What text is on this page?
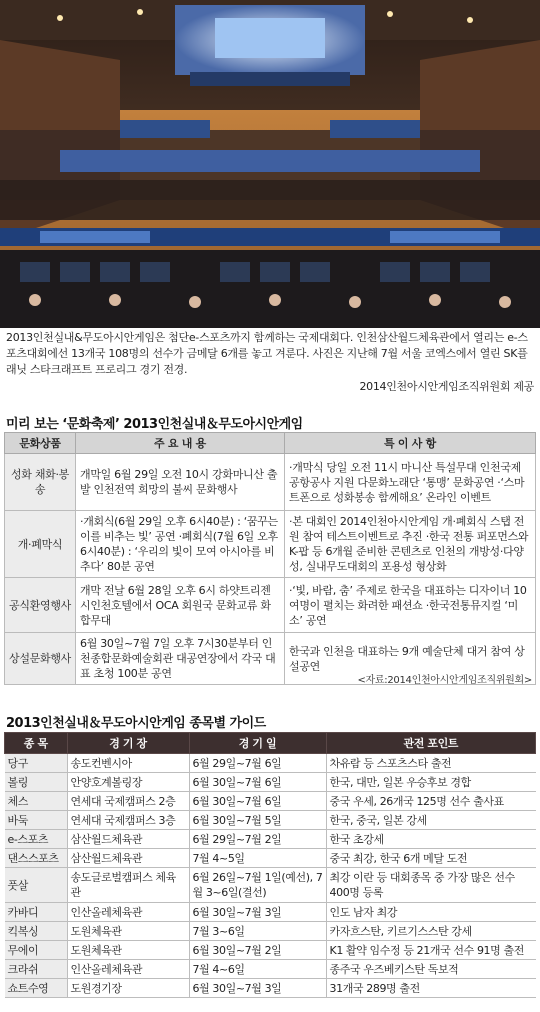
2013인천실내&무도아시안게임은 첨단e-스포츠까지 함께하는 국제대회다. 인천삼산월드체육관에서 열리는 e-스포츠대회에선 13개국 108명의 선수가 금메달 6개를 놓고 겨룬다. 사진은 지난해 7월 서울 코엑스에서 열린 SK플래닛 스타크래프트 프로리그 경기 전경.
2014인천아시안게임조직위원회 제공
미리 보는 ‘문화축제’ 2013인천실내＆무도아시안게임
문화상품	주 요 내 용	특 이 사 항
성화 채화·봉송	개막일 6월 29일 오전 10시 강화마니산 출발 인천전역 희망의 불씨 문화행사	·개막식 당일 오전 11시 마니산 특설무대 인천국제공항공사 지원 다문화노래단 ‘통맹’ 문화공연 ·‘스마트폰으로 성화봉송 함께해요’ 온라인 이벤트
개·폐막식	·개회식(6월 29일 오후 6시40분) : ‘꿈꾸는 이를 비추는 빛’ 공연 ·폐회식(7월 6일 오후 6시40분) : ‘우리의 빛이 모여 아시아를 비추다’ 80분 공연	·본 대회인 2014인천아시안게임 개·폐회식 스탭 전원 참여 테스트이벤트로 추진 ·한국 전통 퍼포먼스와 K-팝 등 6개월 준비한 콘텐츠로 인천의 개방성·다양성, 실내무도대회의 포용성 형상화
공식환영행사	개막 전날 6월 28일 오후 6시 하얏트리젠시인천호텔에서 OCA 회원국 문화교류 화합무대	·‘빛, 바람, 춤’ 주제로 한국을 대표하는 디자이너 10여명이 펼치는 화려한 패션쇼 ·한국전통뮤지컬 ‘미소’ 공연
상설문화행사	6월 30일~7월 7일 오후 7시30분부터 인천종합문화예술회관 대공연장에서 각국 대표 초청 100분 공연	한국과 인천을 대표하는 9개 예술단체 대거 참여 상설공연
<자료:2014인천아시안게임조직위원회>
2013인천실내＆무도아시안게임 종목별 가이드
종 목	경 기 장	경 기 일	관전 포인트
당구	송도컨벤시아	6월 29일~7월 6일	차유람 등 스포츠스타 출전
볼링	안양호계볼링장	6월 30일~7월 6일	한국, 대만, 일본 우승후보 경합
체스	연세대 국제캠퍼스 2층	6월 30일~7월 6일	중국 우세, 26개국 125명 선수 출사표
바둑	연세대 국제캠퍼스 3층	6월 30일~7월 5일	한국, 중국, 일본 강세
e-스포츠	삼산월드체육관	6월 29일~7월 2일	한국 초강세
댄스스포츠	삼산월드체육관	7월 4~5일	중국 최강, 한국 6개 메달 도전
풋살	송도글로벌캠퍼스 체육관	6월 26일~7월 1일(예선), 7월 3~6일(결선)	최강 이란 등 대회종목 중 가장 많은 선수 400명 등록
카바디	인산올레체육관	6월 30일~7월 3일	인도 남자 최강
킥복싱	도원체육관	7월 3~6일	카자흐스탄, 키르기스스탄 강세
무에이	도원체육관	6월 30일~7월 2일	K1 활약 임수정 등 21개국 선수 91명 출전
크라쉬	인산올레체육관	7월 4~6일	종주국 우즈베키스탄 독보적
쇼트수영	도원경기장	6월 30일~7월 3일	31개국 289명 출전
